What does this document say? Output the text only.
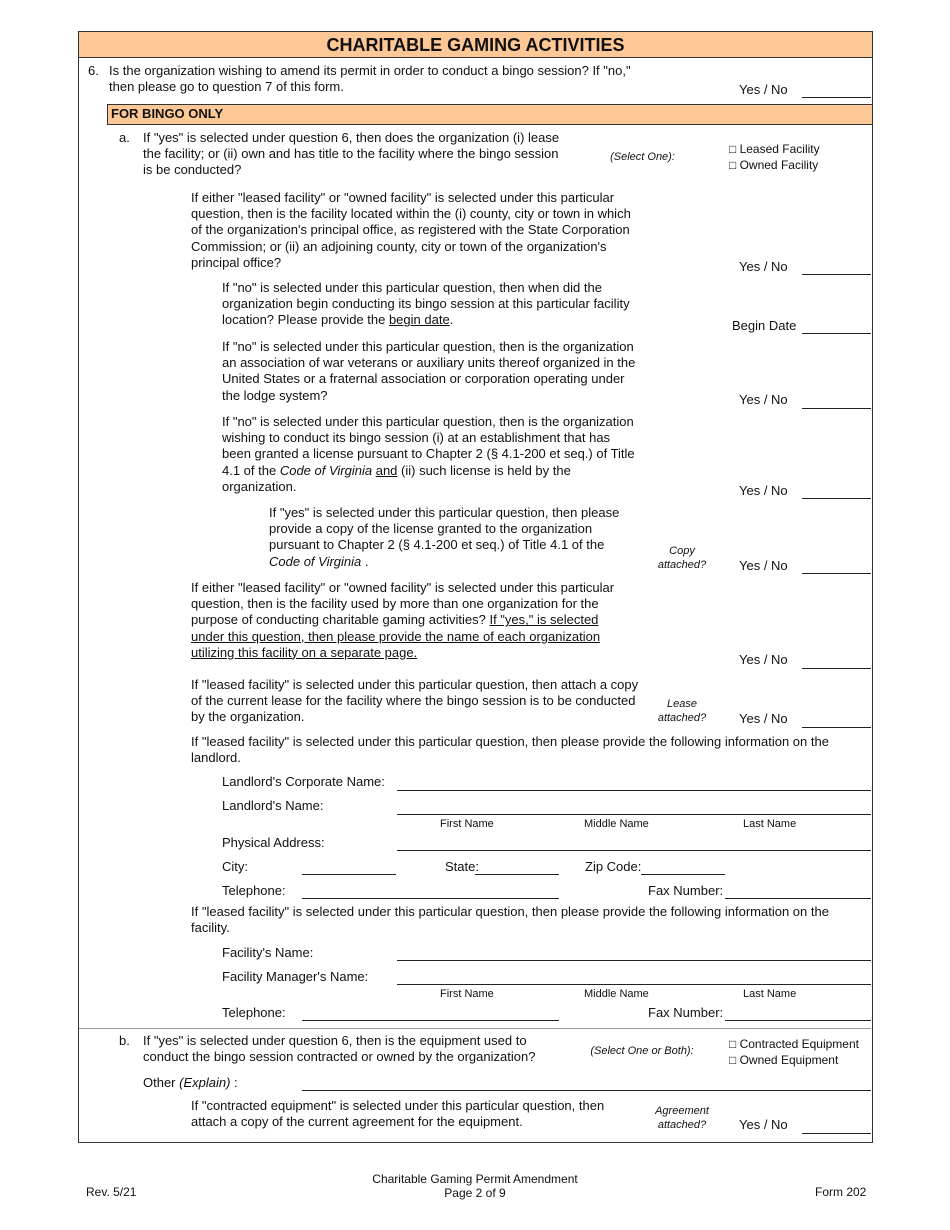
CHARITABLE GAMING ACTIVITIES
6. Is the organization wishing to amend its permit in order to conduct a bingo session? If "no," then please go to question 7 of this form.	Yes / No
FOR BINGO ONLY
a. If "yes" is selected under question 6, then does the organization (i) lease the facility; or (ii) own and has title to the facility where the bingo session is be conducted?
(Select One):
□ Leased Facility
□ Owned Facility
If either "leased facility" or "owned facility" is selected under this particular question, then is the facility located within the (i) county, city or town in which of the organization's principal office, as registered with the State Corporation Commission; or (ii) an adjoining county, city or town of the organization's principal office?	Yes / No
If "no" is selected under this particular question, then when did the organization begin conducting its bingo session at this particular facility location? Please provide the begin date.	Begin Date
If "no" is selected under this particular question, then is the organization an association of war veterans or auxiliary units thereof organized in the United States or a fraternal association or corporation operating under the lodge system?	Yes / No
If "no" is selected under this particular question, then is the organization wishing to conduct its bingo session (i) at an establishment that has been granted a license pursuant to Chapter 2 (§ 4.1-200 et seq.) of Title 4.1 of the Code of Virginia and (ii) such license is held by the organization.	Yes / No
If "yes" is selected under this particular question, then please provide a copy of the license granted to the organization pursuant to Chapter 2 (§ 4.1-200 et seq.) of Title 4.1 of the Code of Virginia .
Copy attached?	Yes / No
If either "leased facility" or "owned facility" is selected under this particular question, then is the facility used by more than one organization for the purpose of conducting charitable gaming activities? If "yes," is selected under this question, then please provide the name of each organization utilizing this facility on a separate page.	Yes / No
If "leased facility" is selected under this particular question, then attach a copy of the current lease for the facility where the bingo session is to be conducted by the organization.
Lease attached?	Yes / No
If "leased facility" is selected under this particular question, then please provide the following information on the landlord.
Landlord's Corporate Name:
Landlord's Name:
First Name	Middle Name	Last Name
Physical Address:
City:	State:	Zip Code:
Telephone:	Fax Number:
If "leased facility" is selected under this particular question, then please provide the following information on the facility.
Facility's Name:
Facility Manager's Name:
First Name	Middle Name	Last Name
Telephone:	Fax Number:
b. If "yes" is selected under question 6, then is the equipment used to conduct the bingo session contracted or owned by the organization?	(Select One or Both):	□ Contracted Equipment
□ Owned Equipment
Other (Explain) :
If "contracted equipment" is selected under this particular question, then attach a copy of the current agreement for the equipment.
Agreement attached?	Yes / No
Rev. 5/21
Charitable Gaming Permit Amendment
Page 2 of 9	Form 202
